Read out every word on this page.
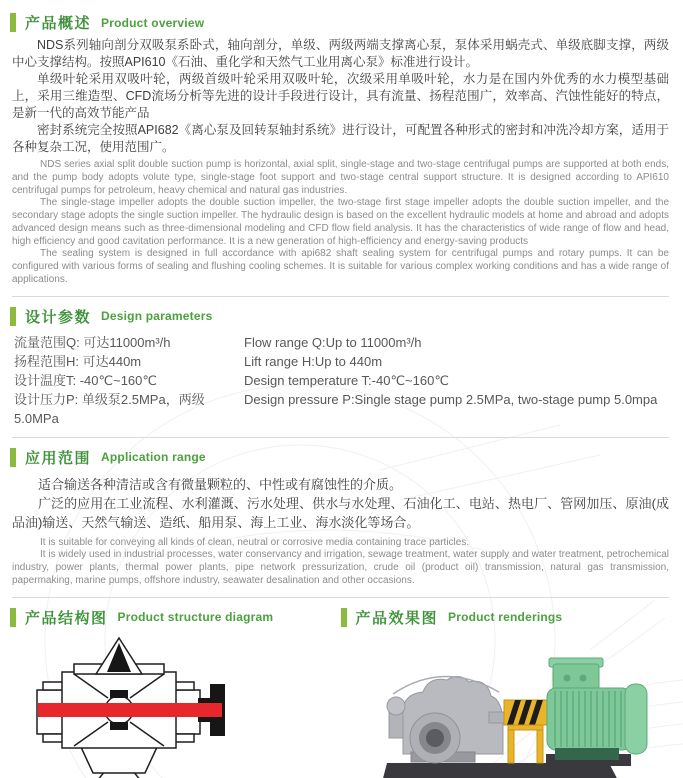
产品概述 Product overview

NDS系列轴向剖分双吸泵系卧式，轴向剖分，单级、两级两端支撑离心泵，泵体采用蜗壳式、单级底脚支撑，两级中心支撑结构。按照API610《石油、重化学和天然气工业用离心泵》标准进行设计。

单级叶轮采用双吸叶轮，两级首级叶轮采用双吸叶轮，次级采用单吸叶轮，水力是在国内外优秀的水力模型基础上，采用三维造型、CFD流场分析等先进的设计手段进行设计，具有流量、扬程范围广，效率高、汽蚀性能好的特点，是新一代的高效节能产品

密封系统完全按照API682《离心泵及回转泵轴封系统》进行设计，可配置各种形式的密封和冲洗冷却方案，适用于各种复杂工况，使用范围广。

NDS series axial split double suction pump is horizontal, axial split, single-stage and two-stage centrifugal pumps are supported at both ends, and the pump body adopts volute type, single-stage foot support and two-stage central support structure. It is designed according to API610 centrifugal pumps for petroleum, heavy chemical and natural gas industries.

The single-stage impeller adopts the double suction impeller, the two-stage first stage impeller adopts the double suction impeller, and the secondary stage adopts the single suction impeller. The hydraulic design is based on the excellent hydraulic models at home and abroad and adopts advanced design means such as three-dimensional modeling and CFD flow field analysis. It has the characteristics of wide range of flow and head, high efficiency and good cavitation performance. It is a new generation of high-efficiency and energy-saving products

The sealing system is designed in full accordance with api682 shaft sealing system for centrifugal pumps and rotary pumps. It can be configured with various forms of sealing and flushing cooling schemes. It is suitable for various complex working conditions and has a wide range of applications.

设计参数 Design parameters
流量范围Q: 可达11000m³/h	Flow range Q:Up to 11000m³/h
扬程范围H: 可达440m	Lift range H:Up to 440m
设计温度T: -40℃~160℃	Design temperature T:-40℃~160℃
设计压力P: 单级泵2.5MPa，两级5.0MPa
Design pressure P:Single stage pump 2.5MPa, two-stage pump 5.0mpa
应用范围 Application range

适合输送各种清洁或含有微量颗粒的、中性或有腐蚀性的介质。

广泛的应用在工业流程、水利灌溉、污水处理、供水与水处理、石油化工、电站、热电厂、管网加压、原油(成品油)输送、天然气输送、造纸、船用泵、海上工业、海水淡化等场合。

It is suitable for conveying all kinds of clean, neutral or corrosive media containing trace particles.

It is widely used in industrial processes, water conservancy and irrigation, sewage treatment, water supply and water treatment, petrochemical industry, power plants, thermal power plants, pipe network pressurization, crude oil (product oil) transmission, natural gas transmission, papermaking, marine pumps, offshore industry, seawater desalination and other occasions.

产品结构图 Product structure diagram	产品效果图 Product renderings
